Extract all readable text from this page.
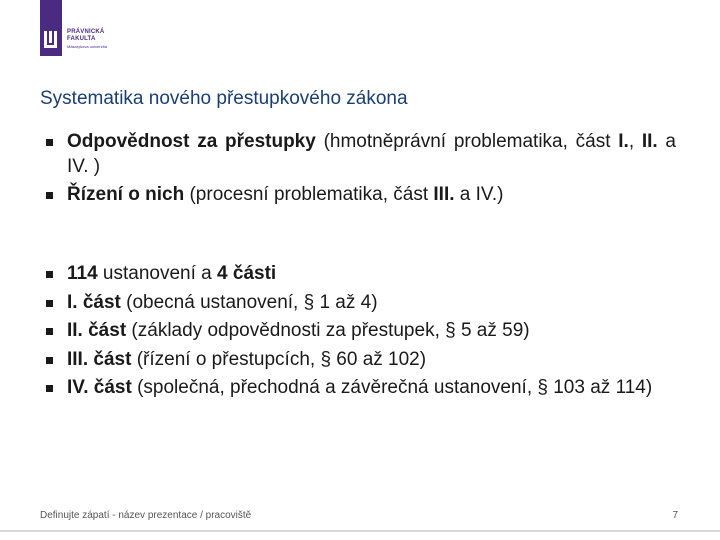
PRÁVNICKÁ
FAKULTA
Masarykova univerzita
Systematika nového přestupkového zákona

Odpovědnost za přestupky (hmotněprávní problematika, část I., II. a IV. )

Řízení o nich (procesní problematika, část III. a IV.)

114 ustanovení a 4 části

I. část (obecná ustanovení, § 1 až 4)

II. část (základy odpovědnosti za přestupek, § 5 až 59)

III. část (řízení o přestupcích, § 60 až 102)

IV. část (společná, přechodná a závěrečná ustanovení, § 103 až 114)

Definujte zápatí - název prezentace / pracoviště	7
